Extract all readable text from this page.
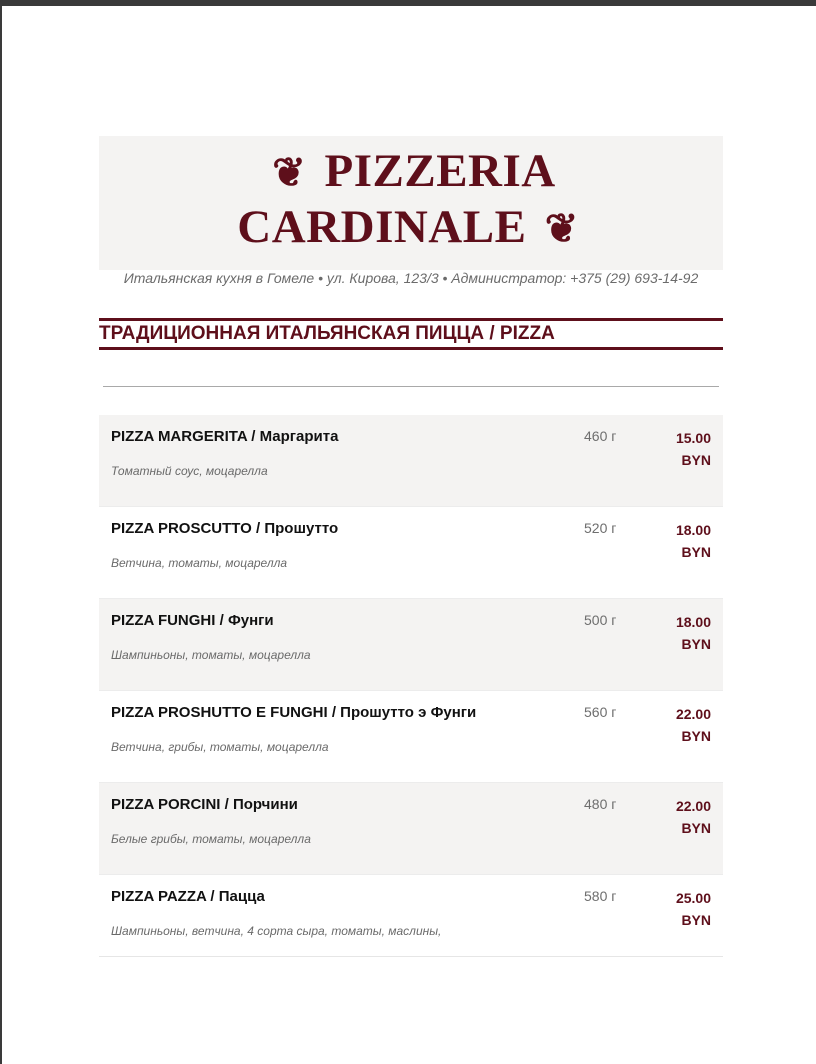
❦ PIZZERIA
CARDINALE ❦
Итальянская кухня в Гомеле • ул. Кирова, 123/3 • Администратор: +375 (29) 693-14-92
ТРАДИЦИОННАЯ ИТАЛЬЯНСКАЯ ПИЦЦА / PIZZA
PIZZA MARGERITA / Маргарита
Томатный соус, моцарелла
460 г	15.00
BYN
PIZZA PROSCUTTO / Прошутто
Ветчина, томаты, моцарелла
520 г	18.00
BYN
PIZZA FUNGHI / Фунги
Шампиньоны, томаты, моцарелла
500 г	18.00
BYN
PIZZA PROSHUTTO E FUNGHI / Прошутто э Фунги
Ветчина, грибы, томаты, моцарелла
560 г	22.00
BYN
PIZZA PORCINI / Порчини
Белые грибы, томаты, моцарелла
480 г	22.00
BYN
PIZZA PAZZA / Пацца
Шампиньоны, ветчина, 4 сорта сыра, томаты, маслины,
580 г	25.00
BYN
